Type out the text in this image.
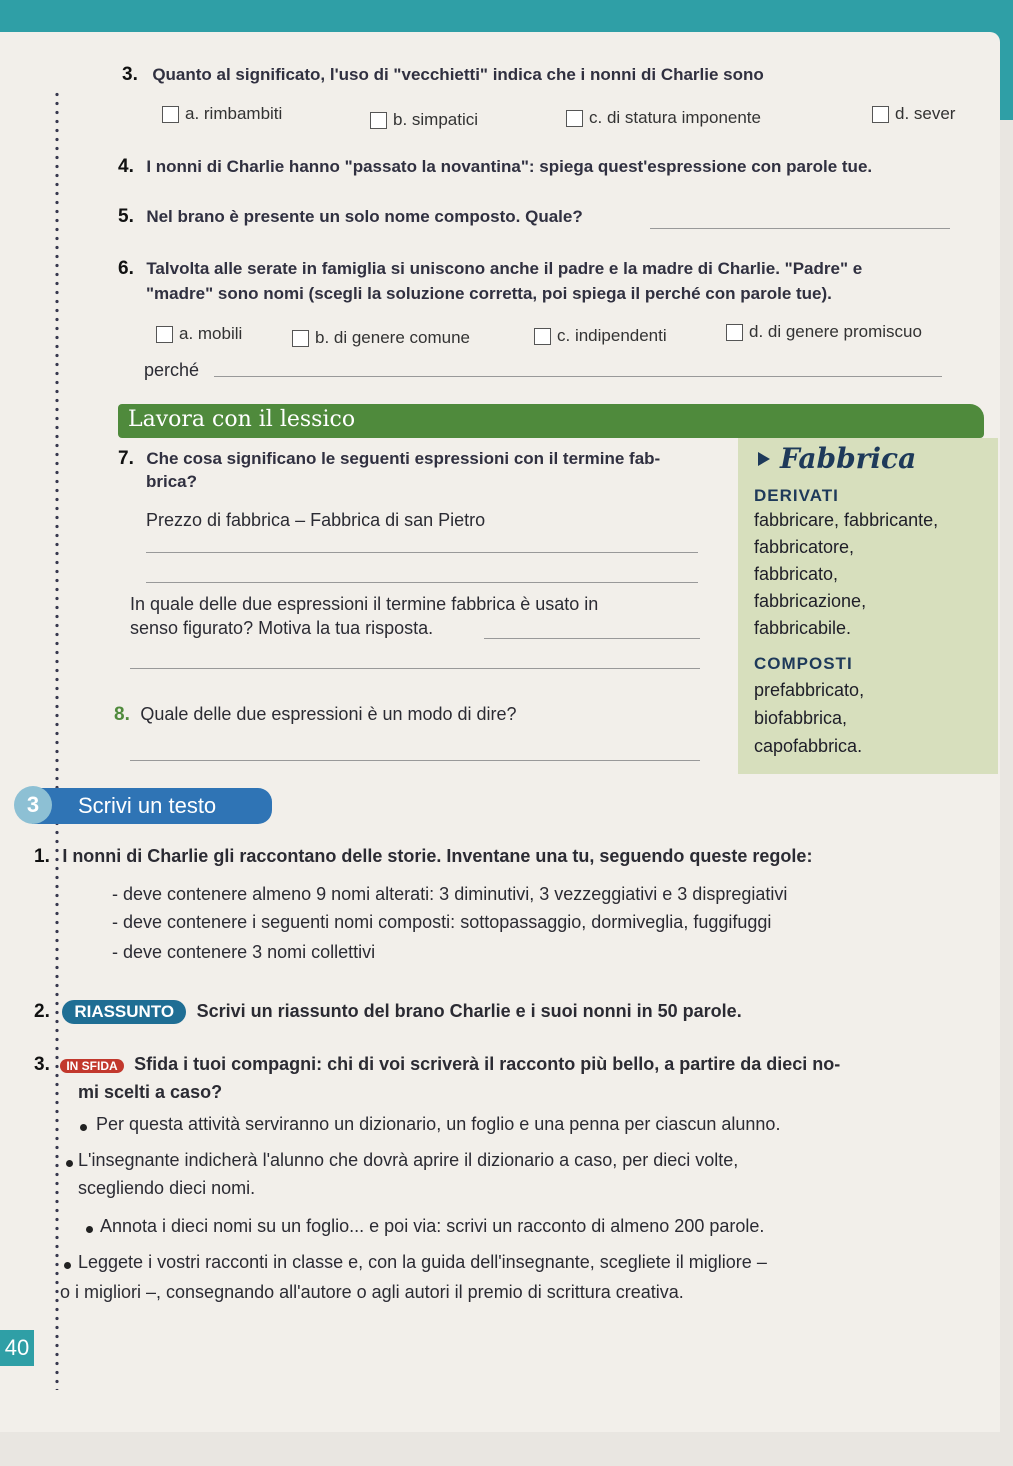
3. Quanto al significato, l'uso di "vecchietti" indica che i nonni di Charlie sono
a. rimbambiti	b. simpatici	c. di statura imponente	d. sever
4. I nonni di Charlie hanno "passato la novantina": spiega quest'espressione con parole tue.
5. Nel brano è presente un solo nome composto. Quale?
6. Talvolta alle serate in famiglia si uniscono anche il padre e la madre di Charlie. "Padre" e
"madre" sono nomi (scegli la soluzione corretta, poi spiega il perché con parole tue).
a. mobili	b. di genere comune	c. indipendenti	d. di genere promiscuo
perché
Lavora con il lessico
7. Che cosa significano le seguenti espressioni con il termine fab-
brica?
Prezzo di fabbrica – Fabbrica di san Pietro
In quale delle due espressioni il termine fabbrica è usato in
senso figurato? Motiva la tua risposta.
8. Quale delle due espressioni è un modo di dire?
Fabbrica
DERIVATI
fabbricare, fabbricante,
fabbricatore,
fabbricato,
fabbricazione,
fabbricabile.
COMPOSTI
prefabbricato,
biofabbrica,
capofabbrica.
Scrivi un testo
3
1. I nonni di Charlie gli raccontano delle storie. Inventane una tu, seguendo queste regole:
- deve contenere almeno 9 nomi alterati: 3 diminutivi, 3 vezzeggiativi e 3 dispregiativi
- deve contenere i seguenti nomi composti: sottopassaggio, dormiveglia, fuggifuggi
- deve contenere 3 nomi collettivi
2. RIASSUNTO Scrivi un riassunto del brano Charlie e i suoi nonni in 50 parole.
3. IN SFIDA Sfida i tuoi compagni: chi di voi scriverà il racconto più bello, a partire da dieci no-
mi scelti a caso?
Per questa attività serviranno un dizionario, un foglio e una penna per ciascun alunno.
L'insegnante indicherà l'alunno che dovrà aprire il dizionario a caso, per dieci volte,
scegliendo dieci nomi.
Annota i dieci nomi su un foglio... e poi via: scrivi un racconto di almeno 200 parole.
Leggete i vostri racconti in classe e, con la guida dell'insegnante, scegliete il migliore –
o i migliori –, consegnando all'autore o agli autori il premio di scrittura creativa.
40
